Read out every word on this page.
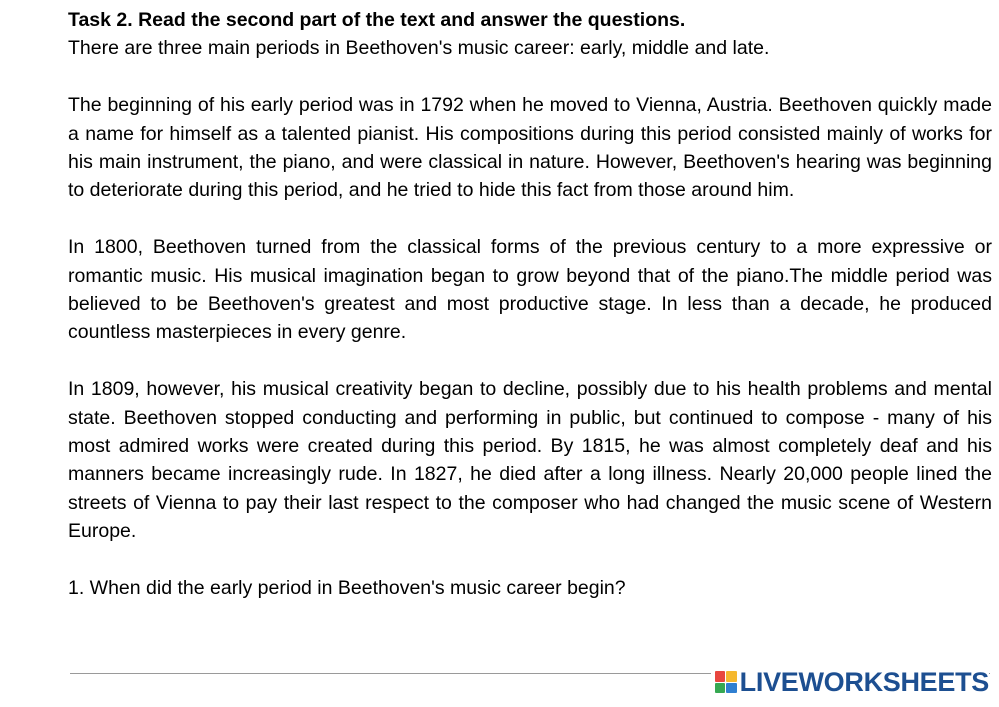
Task 2. Read the second part of the text and answer the questions.

There are three main periods in Beethoven's music career: early, middle and late.

The beginning of his early period was in 1792 when he moved to Vienna, Austria. Beethoven quickly made a name for himself as a talented pianist. His compositions during this period consisted mainly of works for his main instrument, the piano, and were classical in nature. However, Beethoven's hearing was beginning to deteriorate during this period, and he tried to hide this fact from those around him.

In 1800, Beethoven turned from the classical forms of the previous century to a more expressive or romantic music. His musical imagination began to grow beyond that of the piano.The middle period was believed to be Beethoven's greatest and most productive stage. In less than a decade, he produced countless masterpieces in every genre.

In 1809, however, his musical creativity began to decline, possibly due to his health problems and mental state. Beethoven stopped conducting and performing in public, but continued to compose - many of his most admired works were created during this period. By 1815, he was almost completely deaf and his manners became increasingly rude. In 1827, he died after a long illness. Nearly 20,000 people lined the streets of Vienna to pay their last respect to the composer who had changed the music scene of Western Europe.

1. When did the early period in Beethoven's music career begin?

LIVEWORKSHEETS
